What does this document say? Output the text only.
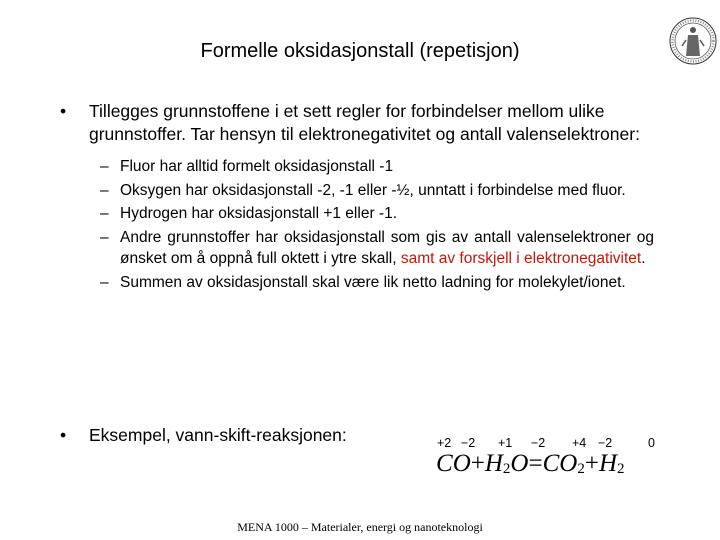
Formelle oksidasjonstall (repetisjon)
•	Tillegges grunnstoffene i et sett regler for forbindelser mellom ulike grunnstoffer. Tar hensyn til elektronegativitet og antall valenselektroner:
– Fluor har alltid formelt oksidasjonstall -1
– Oksygen har oksidasjonstall -2, -1 eller -½, unntatt i forbindelse med fluor.
– Hydrogen har oksidasjonstall +1 eller -1.
– Andre grunnstoffer har oksidasjonstall som gis av antall valenselektroner og ønsket om å oppnå full oktett i ytre skall, samt av forskjell i elektronegativitet.
– Summen av oksidasjonstall skal være lik netto ladning for molekylet/ionet.
•	Eksempel, vann-skift-reaksjonen:	+2 −2 +1 −2 +4 −2	0
CO+H2O=CO2+H2
MENA 1000 – Materialer, energi og nanoteknologi
